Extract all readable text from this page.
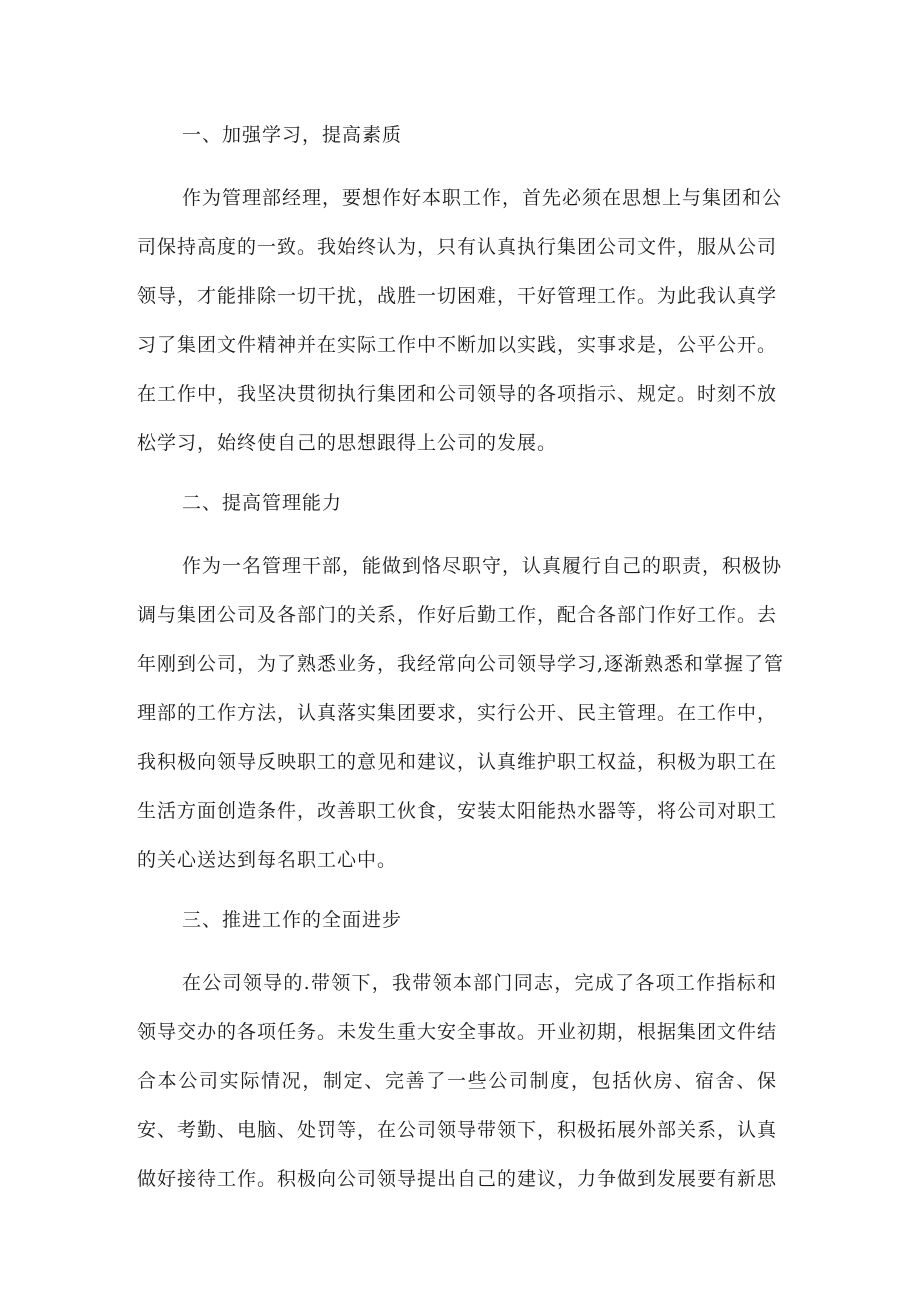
一、加强学习，提高素质
作为管理部经理，要想作好本职工作，首先必须在思想上与集团和公
司保持高度的一致。我始终认为，只有认真执行集团公司文件，服从公司
领导，才能排除一切干扰，战胜一切困难，干好管理工作。为此我认真学
习了集团文件精神并在实际工作中不断加以实践，实事求是，公平公开。
在工作中，我坚决贯彻执行集团和公司领导的各项指示、规定。时刻不放
松学习，始终使自己的思想跟得上公司的发展。
二、提高管理能力
作为一名管理干部，能做到恪尽职守，认真履行自己的职责，积极协
调与集团公司及各部门的关系，作好后勤工作，配合各部门作好工作。去
年刚到公司，为了熟悉业务，我经常向公司领导学习,逐渐熟悉和掌握了管
理部的工作方法，认真落实集团要求，实行公开、民主管理。在工作中，
我积极向领导反映职工的意见和建议，认真维护职工权益，积极为职工在
生活方面创造条件，改善职工伙食，安装太阳能热水器等，将公司对职工
的关心送达到每名职工心中。
三、推进工作的全面进步
在公司领导的.带领下，我带领本部门同志，完成了各项工作指标和
领导交办的各项任务。未发生重大安全事故。开业初期，根据集团文件结
合本公司实际情况，制定、完善了一些公司制度，包括伙房、宿舍、保
安、考勤、电脑、处罚等，在公司领导带领下，积极拓展外部关系，认真
做好接待工作。积极向公司领导提出自己的建议，力争做到发展要有新思
